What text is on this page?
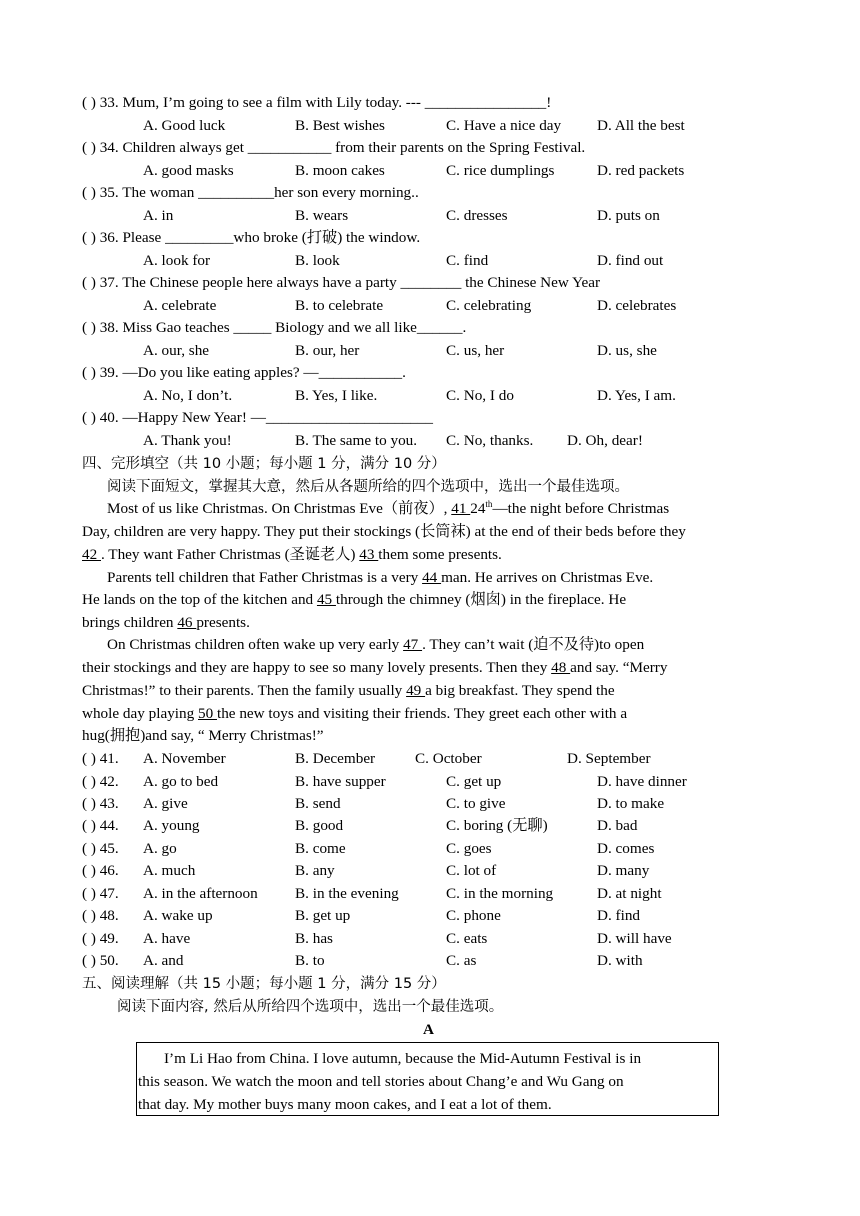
( ) 33. Mum, I’m going to see a film with Lily today. --- ________________!
A. Good luck	B. Best wishes	C. Have a nice day D. All the best
( ) 34. Children always get ___________ from their parents on the Spring Festival.
A. good masks	B. moon cakes	C. rice dumplings	D. red packets
( ) 35. The woman __________her son every morning..
A. in	B. wears	C. dresses	D. puts on
( ) 36. Please _________who broke (打破) the window.
A. look for	B. look	C. find	D. find out
( ) 37. The Chinese people here always have a party ________ the Chinese New Year
A. celebrate	B. to celebrate	C. celebrating	D. celebrates
( ) 38. Miss Gao teaches _____ Biology and we all like______.
A. our, she	B. our, her	C. us, her	D. us, she
( ) 39. —Do you like eating apples? —___________.
A. No, I don’t.	B. Yes, I like.	C. No, I do	D. Yes, I am.
( ) 40. —Happy New Year! —______________________
A. Thank you!	B. The same to you. C. No, thanks. D. Oh, dear!
四、完形填空（共 10 小题；每小题 1 分，满分 10 分）
阅读下面短文，掌握其大意，然后从各题所给的四个选项中，选出一个最佳选项。
Most of us like Christmas. On Christmas Eve（前夜）, 41 24th—the night before Christmas
Day, children are very happy. They put their stockings (长筒袜) at the end of their beds before they
42 . They want Father Christmas (圣诞老人) 43 them some presents.
Parents tell children that Father Christmas is a very 44 man. He arrives on Christmas Eve.
He lands on the top of the kitchen and 45 through the chimney (烟囱) in the fireplace. He
brings children 46 presents.
On Christmas children often wake up very early 47 . They can’t wait (迫不及待)to open
their stockings and they are happy to see so many lovely presents. Then they 48 and say. “Merry
Christmas!” to their parents. Then the family usually 49 a big breakfast. They spend the
whole day playing 50 the new toys and visiting their friends. They greet each other with a
hug(拥抱)and say, “ Merry Christmas!”
( ) 41. A. November	B. December	C. October	D. September
( ) 42. A. go to bed	B. have supper	C. get up	D. have dinner
( ) 43. A. give	B. send	C. to give	D. to make
( ) 44. A. young	B. good	C. boring (无聊)	D. bad
( ) 45. A. go	B. come	C. goes	D. comes
( ) 46. A. much	B. any	C. lot of	D. many
( ) 47. A. in the afternoon B. in the evening	C. in the morning	D. at night
( ) 48. A. wake up	B. get up	C. phone	D. find
( ) 49. A. have	B. has	C. eats	D. will have
( ) 50. A. and	B. to	C. as	D. with
五、阅读理解（共 15 小题；每小题 1 分，满分 15 分）
阅读下面内容, 然后从所给四个选项中，选出一个最佳选项。
A
I’m Li Hao from China. I love autumn, because the Mid-Autumn Festival is in
this season. We watch the moon and tell stories about Chang’e and Wu Gang on
that day. My mother buys many moon cakes, and I eat a lot of them.
